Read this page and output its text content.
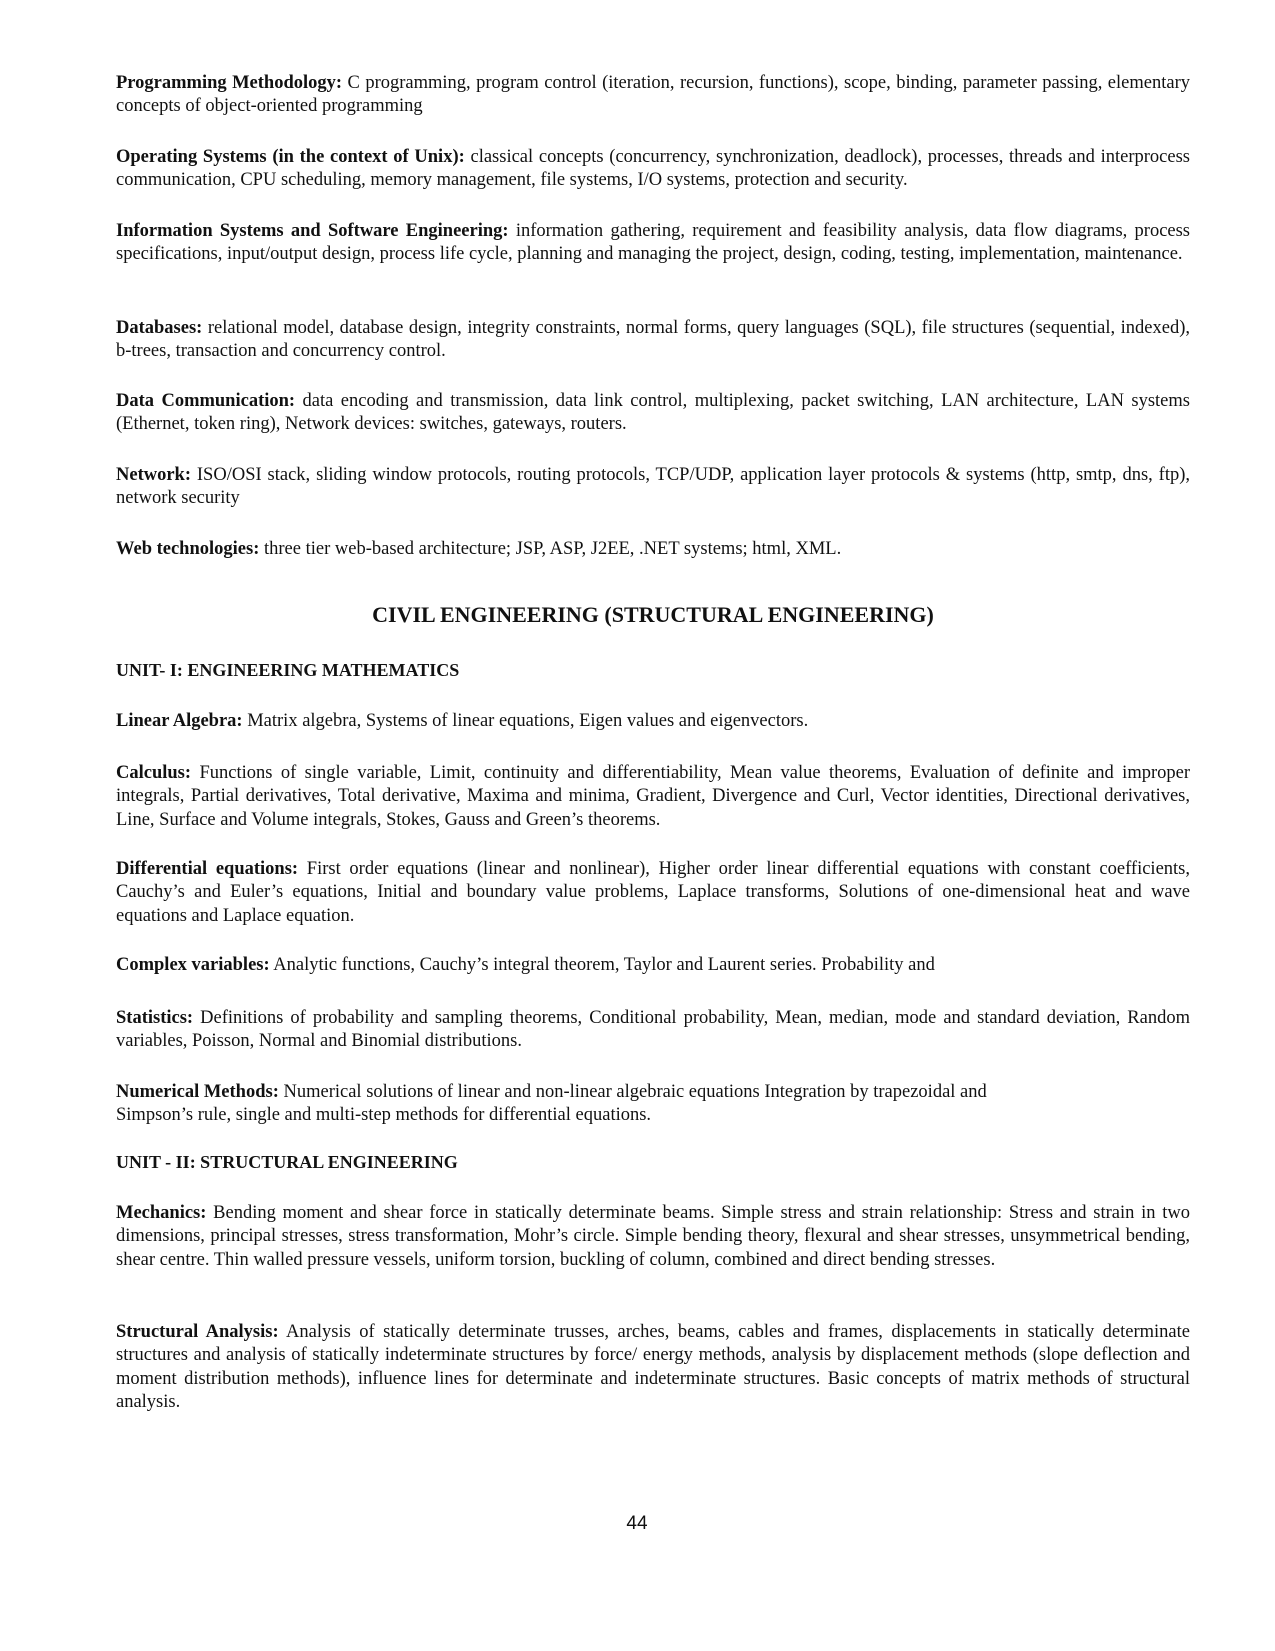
Programming Methodology: C programming, program control (iteration, recursion, functions), scope, binding, parameter passing, elementary concepts of object-oriented programming

Operating Systems (in the context of Unix): classical concepts (concurrency, synchronization, deadlock), processes, threads and interprocess communication, CPU scheduling, memory management, file systems, I/O systems, protection and security.

Information Systems and Software Engineering: information gathering, requirement and feasibility analysis, data flow diagrams, process specifications, input/output design, process life cycle, planning and managing the project, design, coding, testing, implementation, maintenance.

Databases: relational model, database design, integrity constraints, normal forms, query languages (SQL), file structures (sequential, indexed), b-trees, transaction and concurrency control.

Data Communication: data encoding and transmission, data link control, multiplexing, packet switching, LAN architecture, LAN systems (Ethernet, token ring), Network devices: switches, gateways, routers.

Network: ISO/OSI stack, sliding window protocols, routing protocols, TCP/UDP, application layer protocols & systems (http, smtp, dns, ftp), network security

Web technologies: three tier web-based architecture; JSP, ASP, J2EE, .NET systems; html, XML.

CIVIL ENGINEERING (STRUCTURAL ENGINEERING)
UNIT- I: ENGINEERING MATHEMATICS

Linear Algebra: Matrix algebra, Systems of linear equations, Eigen values and eigenvectors.

Calculus: Functions of single variable, Limit, continuity and differentiability, Mean value theorems, Evaluation of definite and improper integrals, Partial derivatives, Total derivative, Maxima and minima, Gradient, Divergence and Curl, Vector identities, Directional derivatives, Line, Surface and Volume integrals, Stokes, Gauss and Green’s theorems.

Differential equations: First order equations (linear and nonlinear), Higher order linear differential equations with constant coefficients, Cauchy’s and Euler’s equations, Initial and boundary value problems, Laplace transforms, Solutions of one-dimensional heat and wave equations and Laplace equation.

Complex variables: Analytic functions, Cauchy’s integral theorem, Taylor and Laurent series. Probability and

Statistics: Definitions of probability and sampling theorems, Conditional probability, Mean, median, mode and standard deviation, Random variables, Poisson, Normal and Binomial distributions.

Numerical Methods: Numerical solutions of linear and non-linear algebraic equations Integration by trapezoidal and
Simpson’s rule, single and multi-step methods for differential equations.

UNIT - II: STRUCTURAL ENGINEERING

Mechanics: Bending moment and shear force in statically determinate beams. Simple stress and strain relationship: Stress and strain in two dimensions, principal stresses, stress transformation, Mohr’s circle. Simple bending theory, flexural and shear stresses, unsymmetrical bending, shear centre. Thin walled pressure vessels, uniform torsion, buckling of column, combined and direct bending stresses.

Structural Analysis: Analysis of statically determinate trusses, arches, beams, cables and frames, displacements in statically determinate structures and analysis of statically indeterminate structures by force/ energy methods, analysis by displacement methods (slope deflection and moment distribution methods), influence lines for determinate and indeterminate structures. Basic concepts of matrix methods of structural analysis.

44
